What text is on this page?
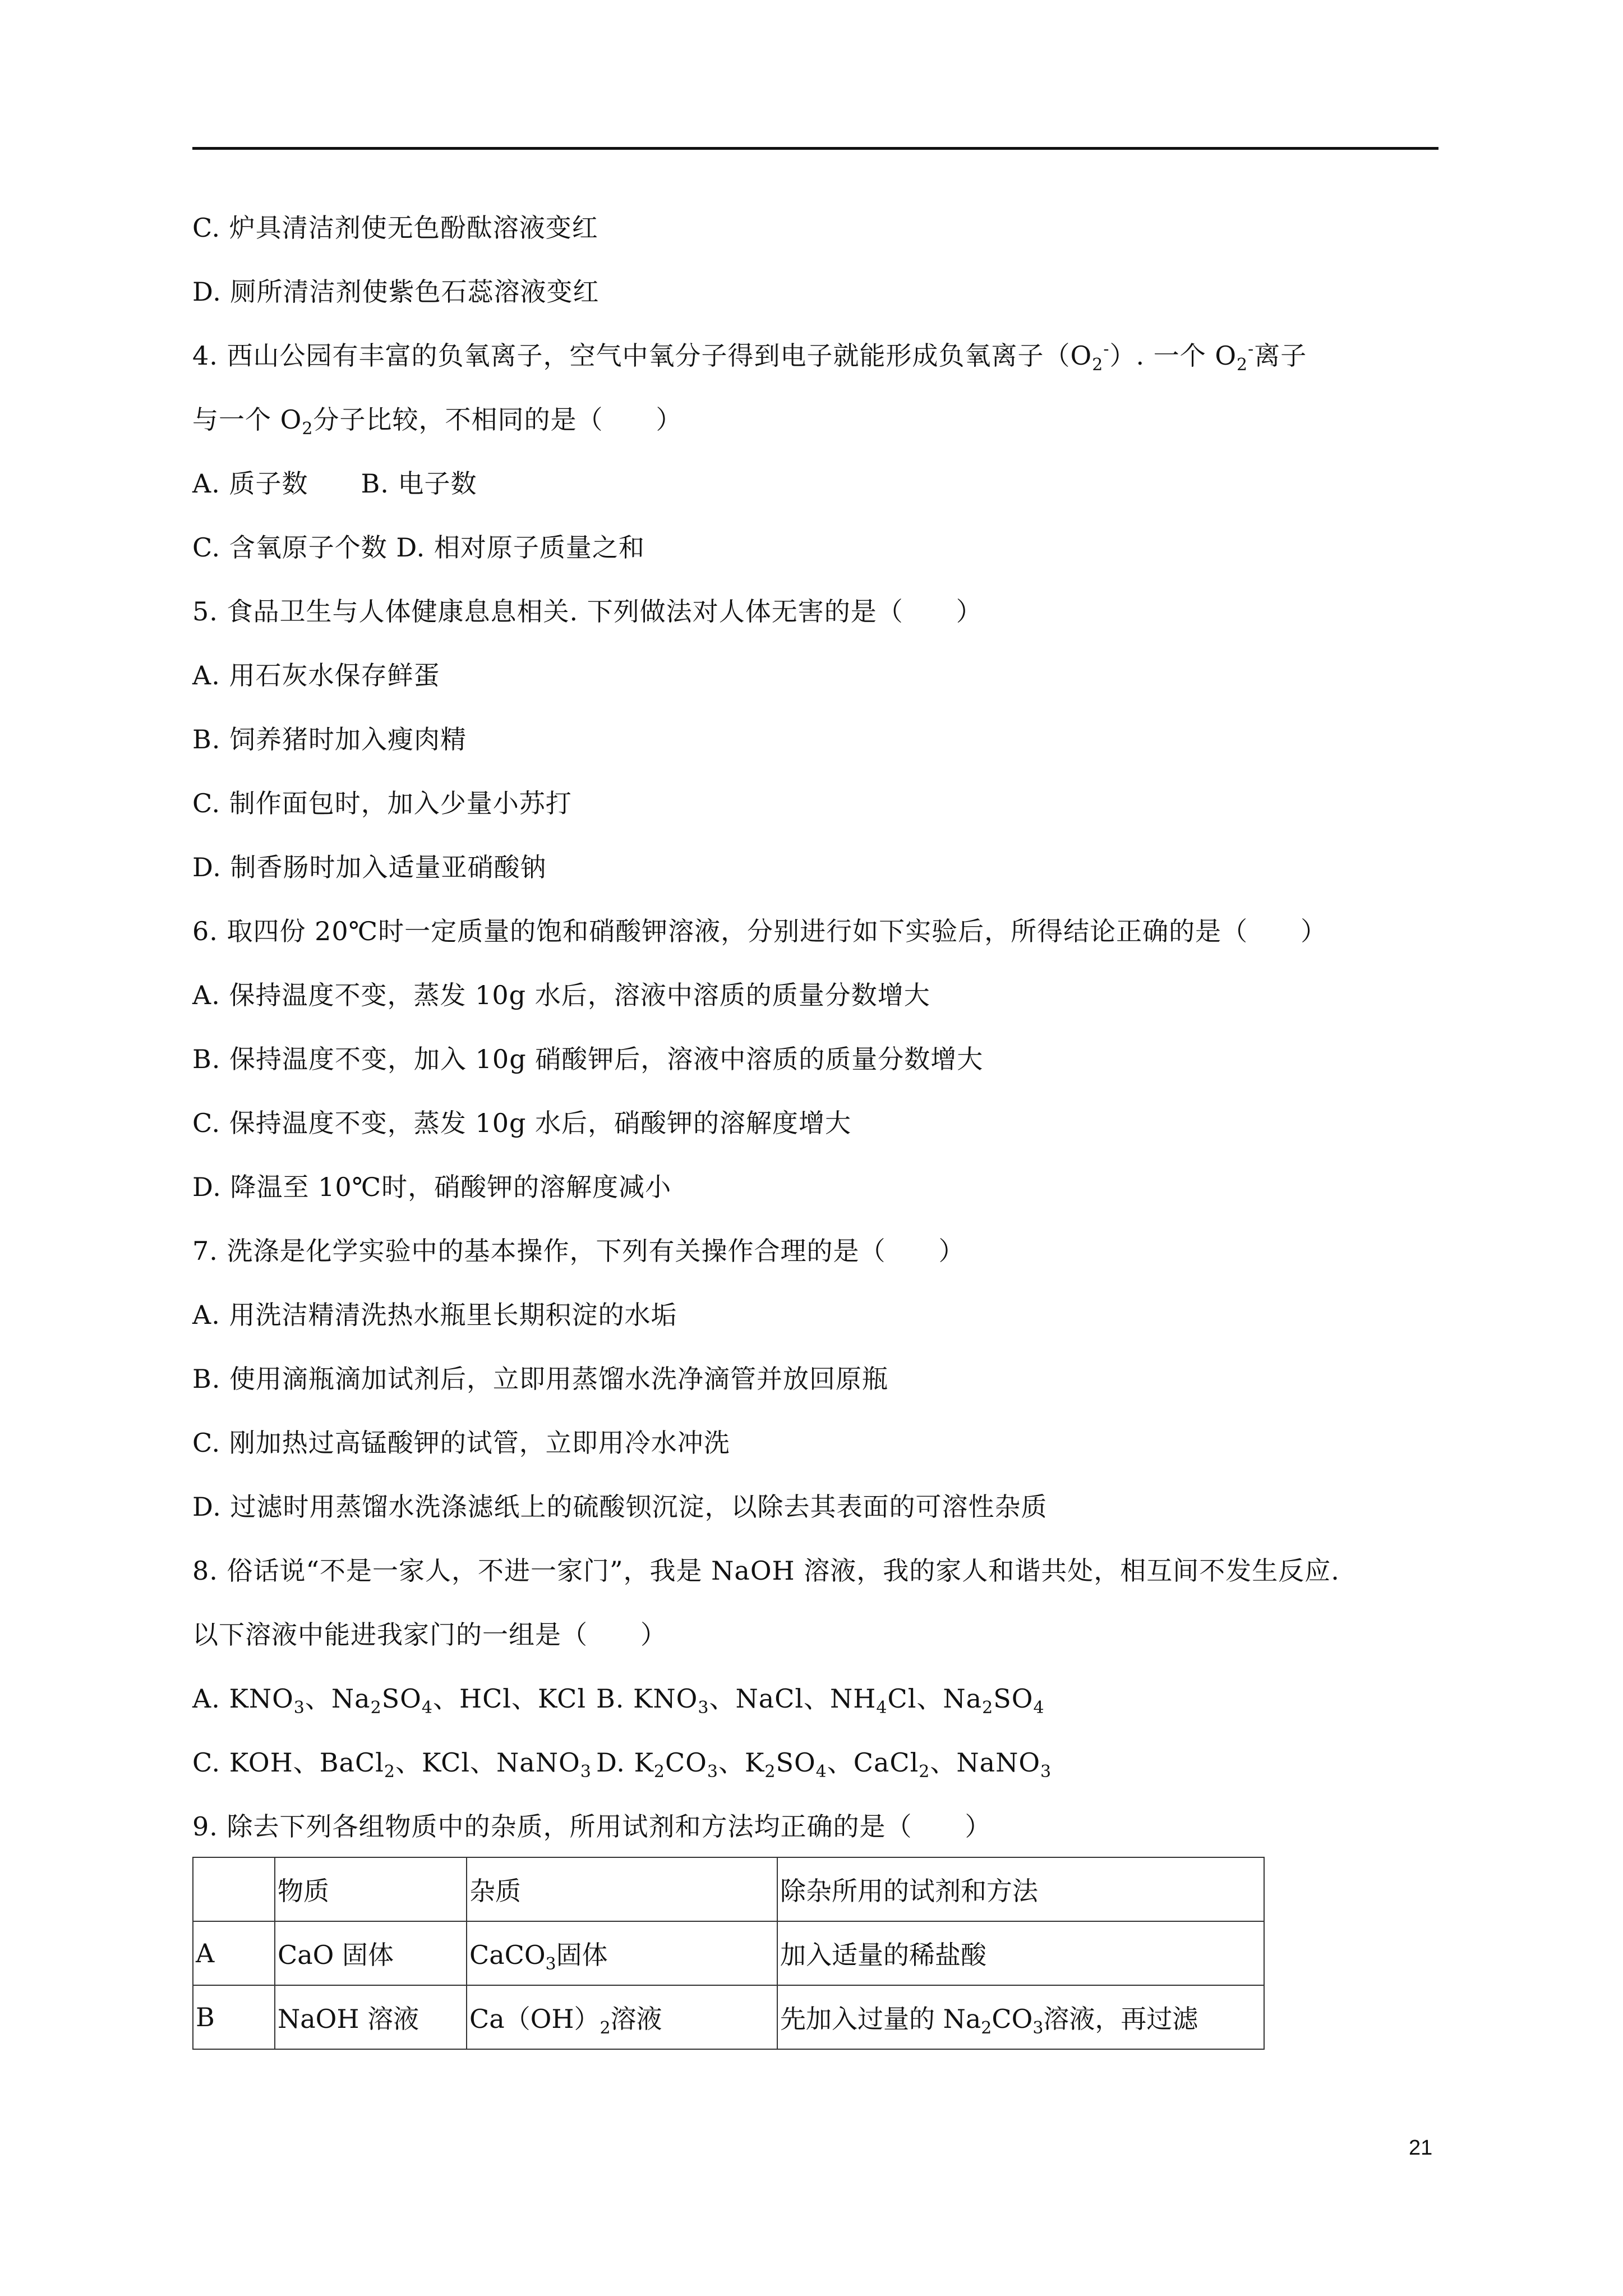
C. 炉具清洁剂使无色酚酞溶液变红
D. 厕所清洁剂使紫色石蕊溶液变红
4. 西山公园有丰富的负氧离子，空气中氧分子得到电子就能形成负氧离子$(O_2^-)$. 一个 $O_2^-$离子
与一个 $O_2$分子比较，不相同的是（　　）
A. 质子数　　B. 电子数
C. 含氧原子个数 D. 相对原子质量之和
5. 食品卫生与人体健康息息相关. 下列做法对人体无害的是（　　）
A. 用石灰水保存鲜蛋
B. 饲养猪时加入瘦肉精
C. 制作面包时，加入少量小苏打
D. 制香肠时加入适量亚硝酸钠
6. 取四份 20℃时一定质量的饱和硝酸钾溶液，分别进行如下实验后，所得结论正确的是（　　）
A. 保持温度不变，蒸发 10g 水后，溶液中溶质的质量分数增大
B. 保持温度不变，加入 10g 硝酸钾后，溶液中溶质的质量分数增大
C. 保持温度不变，蒸发 10g 水后，硝酸钾的溶解度增大
D. 降温至 10℃时，硝酸钾的溶解度减小
7. 洗涤是化学实验中的基本操作，下列有关操作合理的是（　　）
A. 用洗洁精清洗热水瓶里长期积淀的水垢
B. 使用滴瓶滴加试剂后，立即用蒸馏水洗净滴管并放回原瓶
C. 刚加热过高锰酸钾的试管，立即用冷水冲洗
D. 过滤时用蒸馏水洗涤滤纸上的硫酸钡沉淀，以除去其表面的可溶性杂质
8. 俗话说“不是一家人，不进一家门”，我是 NaOH 溶液，我的家人和谐共处，相互间不发生反应.
以下溶液中能进我家门的一组是（　　）
A. $KNO_3$、$Na_2SO_4$、HCl、KCl B. $KNO_3$、NaCl、$NH_4Cl$、$Na_2SO_4$
C. KOH、BaCl$_2$、KCl、NaNO$_3$ D. $K_2CO_3$、$K_2SO_4$、CaCl$_2$、NaNO$_3$
9. 除去下列各组物质中的杂质，所用试剂和方法均正确的是（　　）
	物质	杂质	除杂所用的试剂和方法
A	CaO 固体	CaCO$_3$固体	加入适量的稀盐酸
B	NaOH 溶液	$Ca(OH)_2$溶液	先加入过量的 $Na_2CO_3$溶液，再过滤
21
